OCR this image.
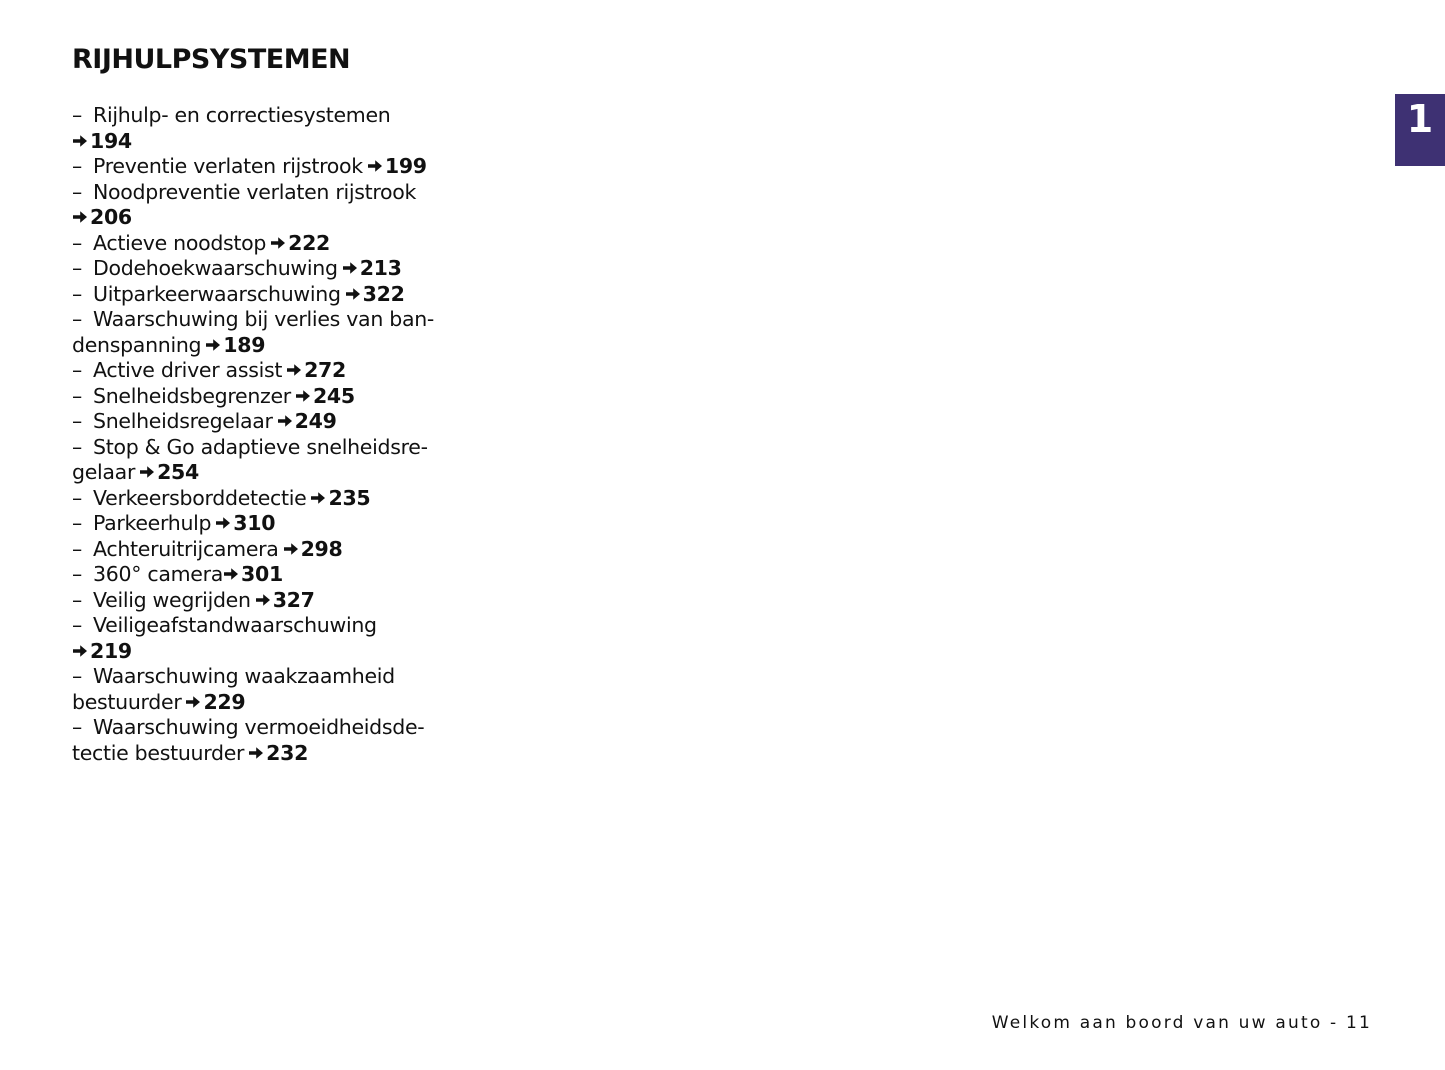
RIJHULPSYSTEMEN
– Rijhulp- en correctiesystemen
194
– Preventie verlaten rijstrook 199
– Noodpreventie verlaten rijstrook
206
– Actieve noodstop 222
– Dodehoekwaarschuwing 213
– Uitparkeerwaarschuwing 322
– Waarschuwing bij verlies van ban-
denspanning 189
– Active driver assist 272
– Snelheidsbegrenzer 245
– Snelheidsregelaar 249
– Stop & Go adaptieve snelheidsre-
gelaar 254
– Verkeersborddetectie 235
– Parkeerhulp 310
– Achteruitrijcamera 298
– 360° camera 301
– Veilig wegrijden 327
– Veiligeafstandwaarschuwing
219
– Waarschuwing waakzaamheid
bestuurder 229
– Waarschuwing vermoeidheidsde-
tectie bestuurder 232
1
Welkom aan boord van uw auto - 11
